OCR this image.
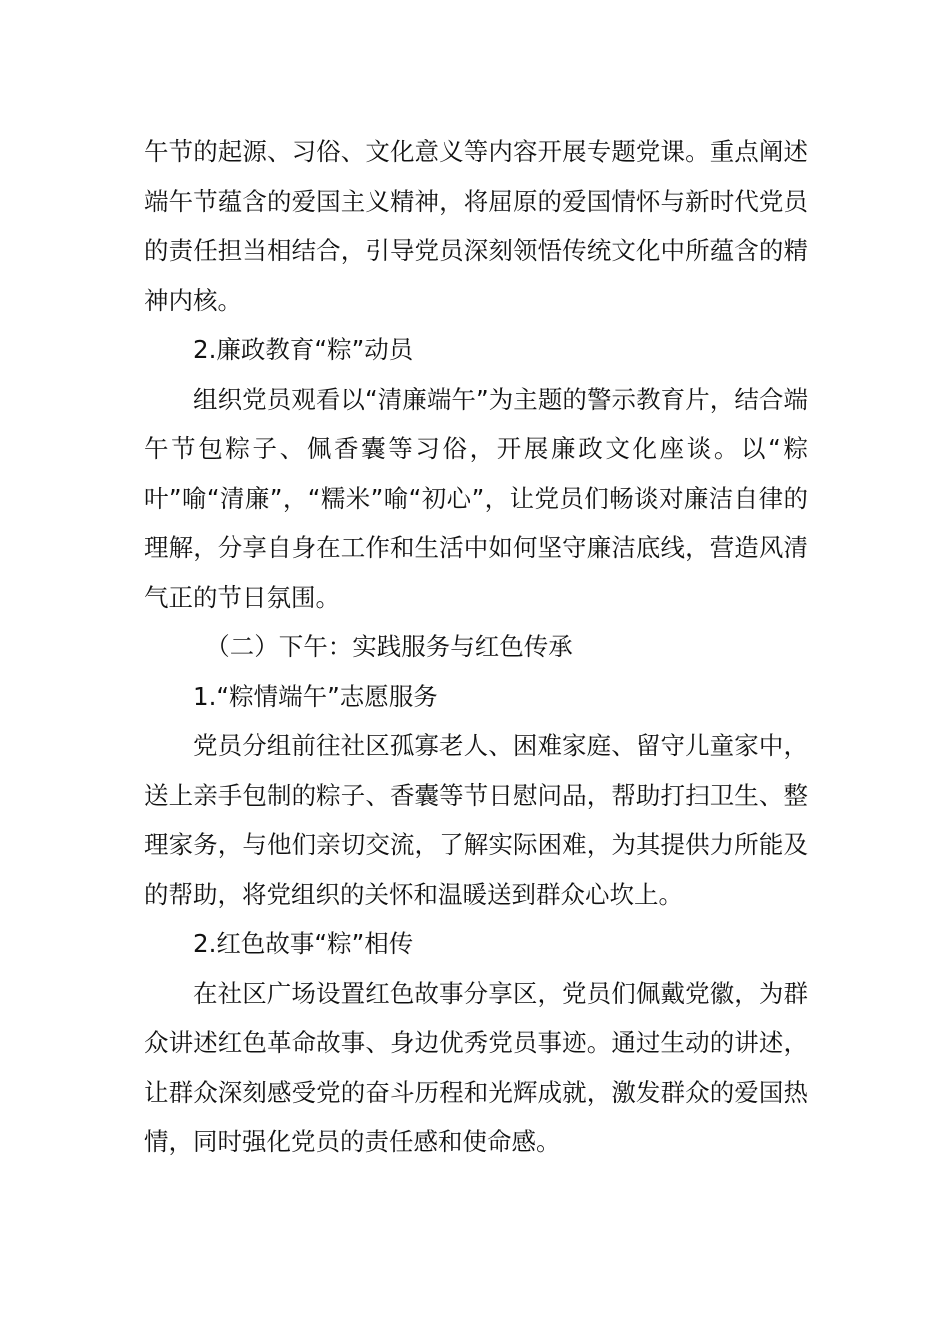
午节的起源、习俗、文化意义等内容开展专题党课。重点阐述端午节蕴含的爱国主义精神，将屈原的爱国情怀与新时代党员的责任担当相结合，引导党员深刻领悟传统文化中所蕴含的精神内核。

2.廉政教育“粽”动员

组织党员观看以“清廉端午”为主题的警示教育片，结合端午节包粽子、佩香囊等习俗，开展廉政文化座谈。以“粽叶”喻“清廉”，“糯米”喻“初心”，让党员们畅谈对廉洁自律的理解，分享自身在工作和生活中如何坚守廉洁底线，营造风清气正的节日氛围。

（二）下午：实践服务与红色传承

1.“粽情端午”志愿服务

党员分组前往社区孤寡老人、困难家庭、留守儿童家中，送上亲手包制的粽子、香囊等节日慰问品，帮助打扫卫生、整理家务，与他们亲切交流，了解实际困难，为其提供力所能及的帮助，将党组织的关怀和温暖送到群众心坎上。

2.红色故事“粽”相传

在社区广场设置红色故事分享区，党员们佩戴党徽，为群众讲述红色革命故事、身边优秀党员事迹。通过生动的讲述，让群众深刻感受党的奋斗历程和光辉成就，激发群众的爱国热情，同时强化党员的责任感和使命感。
